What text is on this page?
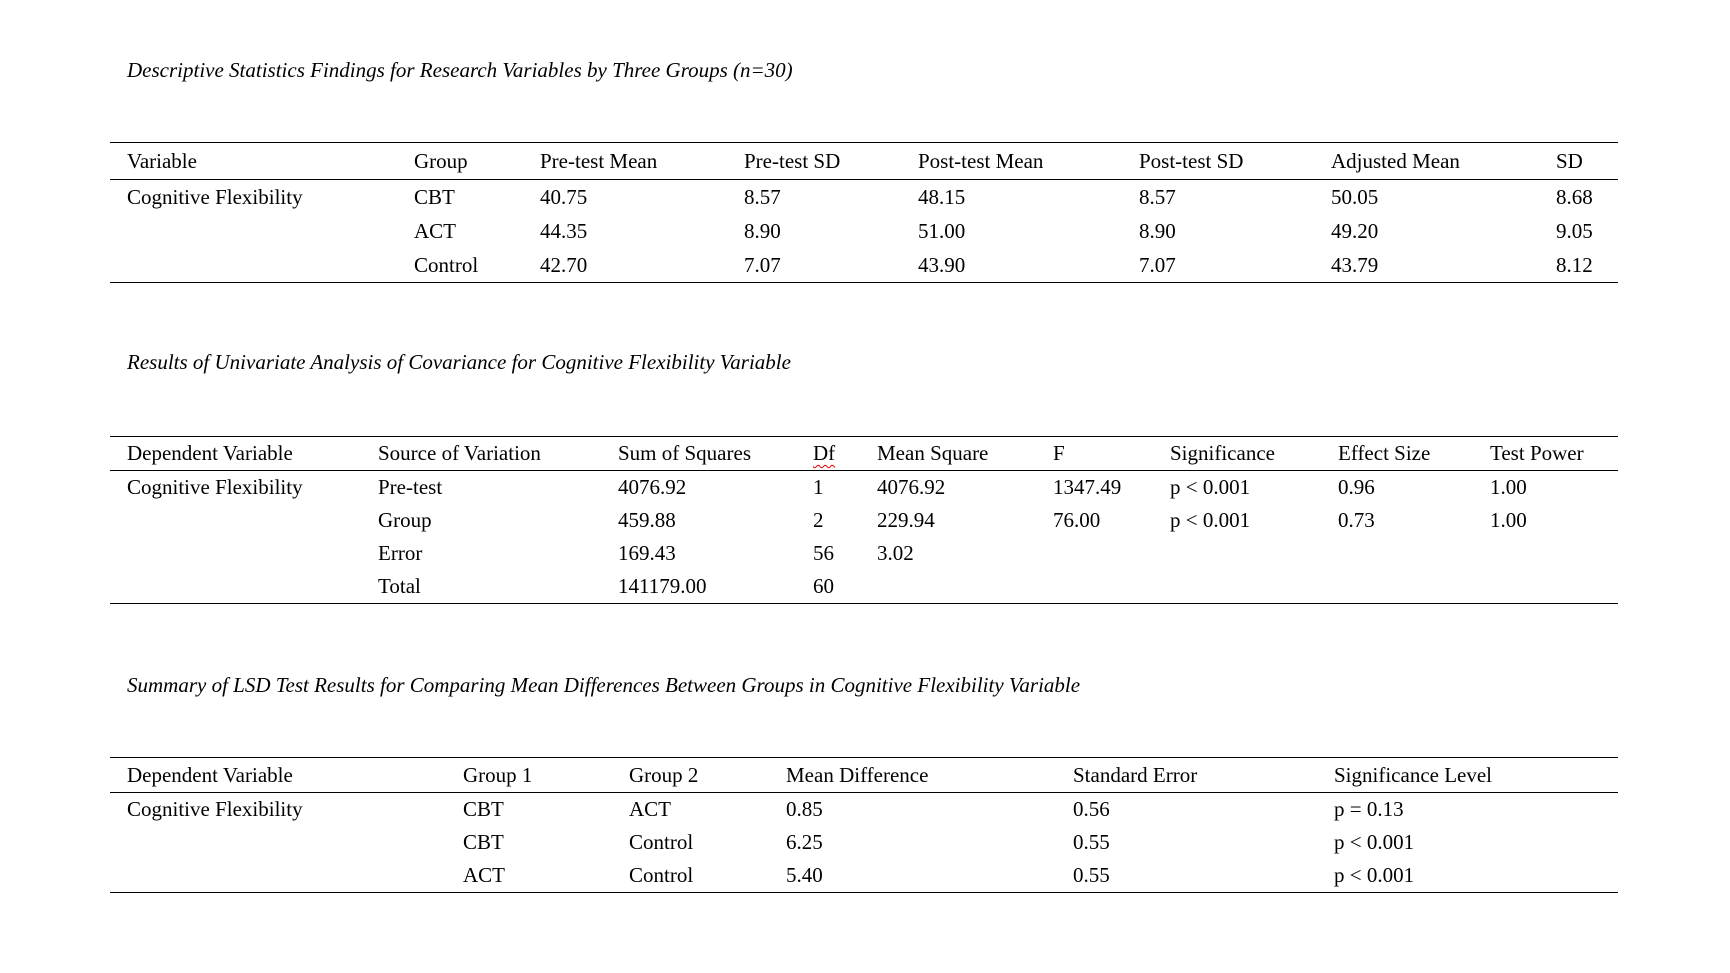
Descriptive Statistics Findings for Research Variables by Three Groups (n=30)
Variable	Group	Pre-test Mean	Pre-test SD	Post-test Mean	Post-test SD	Adjusted Mean	SD
Cognitive Flexibility	CBT	40.75	8.57	48.15	8.57	50.05	8.68
	ACT	44.35	8.90	51.00	8.90	49.20	9.05
	Control	42.70	7.07	43.90	7.07	43.79	8.12
Results of Univariate Analysis of Covariance for Cognitive Flexibility Variable
Dependent Variable	Source of Variation	Sum of Squares	Df	Mean Square	F	Significance	Effect Size	Test Power
Cognitive Flexibility	Pre-test	4076.92	1	4076.92	1347.49	p < 0.001	0.96	1.00
	Group	459.88	2	229.94	76.00	p < 0.001	0.73	1.00
	Error	169.43	56	3.02				
	Total	141179.00	60					
Summary of LSD Test Results for Comparing Mean Differences Between Groups in Cognitive Flexibility Variable
Dependent Variable	Group 1	Group 2	Mean Difference	Standard Error	Significance Level
Cognitive Flexibility	CBT	ACT	0.85	0.56	p = 0.13
	CBT	Control	6.25	0.55	p < 0.001
	ACT	Control	5.40	0.55	p < 0.001
